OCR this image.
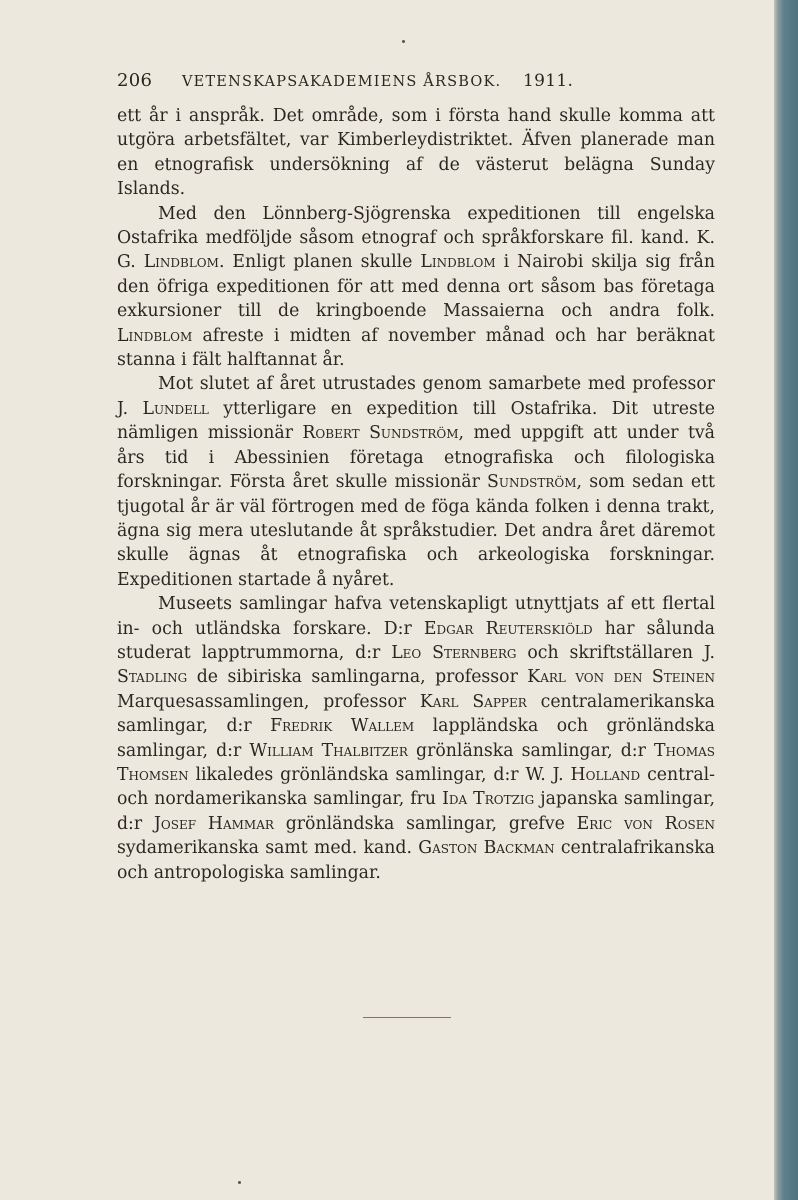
206 VETENSKAPSAKADEMIENS ÅRSBOK. 1911.

ett år i anspråk. Det område, som i första hand skulle komma att utgöra arbetsfältet, var Kimberleydistriktet. Äfven planerade man en etnografisk undersökning af de västerut belägna Sunday Islands.

Med den Lönnberg-Sjögrenska expeditionen till engelska Ostafrika medföljde såsom etnograf och språkforskare fil. kand. K. G. Lindblom. Enligt planen skulle Lindblom i Nairobi skilja sig från den öfriga expeditionen för att med denna ort såsom bas företaga exkursioner till de kringboende Massaierna och andra folk. Lindblom afreste i midten af november månad och har beräknat stanna i fält halftannat år.

Mot slutet af året utrustades genom samarbete med professor J. Lundell ytterligare en expedition till Ostafrika. Dit utreste nämligen missionär Robert Sundström, med uppgift att under två års tid i Abessinien företaga etnografiska och filologiska forskningar. Första året skulle missionär Sundström, som sedan ett tjugotal år är väl förtrogen med de föga kända folken i denna trakt, ägna sig mera uteslutande åt språkstudier. Det andra året däremot skulle ägnas åt etnografiska och arkeologiska forskningar. Expeditionen startade å nyåret.

Museets samlingar hafva vetenskapligt utnyttjats af ett flertal in- och utländska forskare. D:r Edgar Reuterskiöld har sålunda studerat lapptrummorna, d:r Leo Sternberg och skriftställaren J. Stadling de sibiriska samlingarna, professor Karl von den Steinen Marquesassamlingen, professor Karl Sapper centralamerikanska samlingar, d:r Fredrik Wallem lappländska och grönländska samlingar, d:r William Thalbitzer grönlänska samlingar, d:r Thomas Thomsen likaledes grönländska samlingar, d:r W. J. Holland central- och nordamerikanska samlingar, fru Ida Trotzig japanska samlingar, d:r Josef Hammar grönländska samlingar, grefve Eric von Rosen sydamerikanska samt med. kand. Gaston Backman centralafrikanska och antropologiska samlingar.
